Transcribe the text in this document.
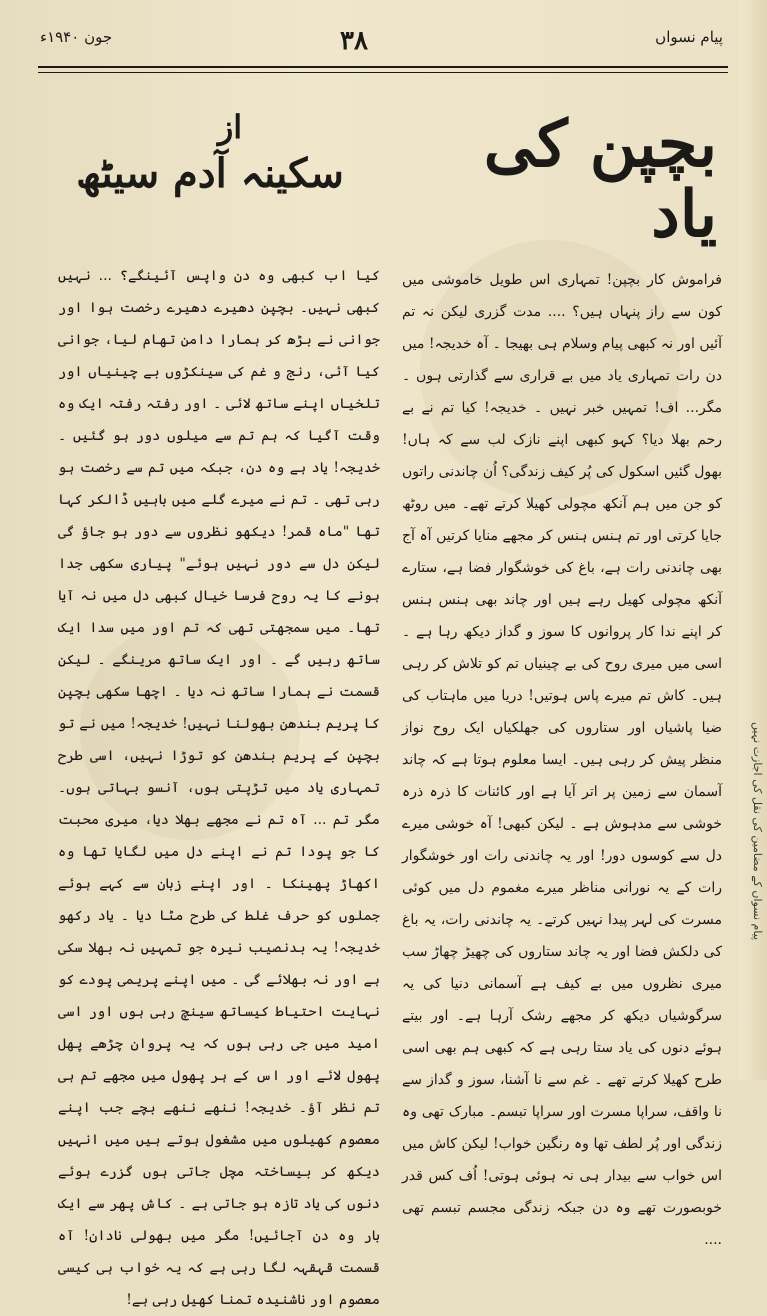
پیام نسواں کے مضامین کی نقل کی اجازت نہیں
پیام نسواں
۳۸
جون ۱۹۴۰ء
بچپن کی یاد
از
سکینہ آدم سیٹھ

فراموش کار بچپن! تمہاری اس طویل خاموشی میں کون سے راز پنہاں ہیں؟ .... مدت گزری لیکن نہ تم آئیں اور نہ کبھی پیام وسلام ہی بھیجا ۔ آہ خدیجہ! میں دن رات تمہاری یاد میں بے قراری سے گذارتی ہوں ۔ مگر... اف! تمہیں خبر نہیں ۔ خدیجہ! کیا تم نے بے رحم بھلا دیا؟ کہو کبھی اپنے نازک لب سے کہ ہاں! بھول گئیں اسکول کی پُر کیف زندگی؟ اُن چاندنی راتوں کو جن میں ہم آنکھ مچولی کھیلا کرتے تھے۔ میں روٹھ جایا کرتی اور تم ہنس ہنس کر مجھے منایا کرتیں آہ آج بھی چاندنی رات ہے، باغ کی خوشگوار فضا ہے، ستارے آنکھ مچولی کھیل رہے ہیں اور چاند بھی ہنس ہنس کر اپنے ندا کار پروانوں کا سوز و گداز دیکھ رہا ہے ۔ اسی میں میری روح کی بے چینیاں تم کو تلاش کر رہی ہیں۔ کاش تم میرے پاس ہوتیں! دریا میں ماہتاب کی ضیا پاشیاں اور ستاروں کی جھلکیاں ایک روح نواز منظر پیش کر رہی ہیں۔ ایسا معلوم ہوتا ہے کہ چاند آسمان سے زمین پر اتر آیا ہے اور کائنات کا ذرہ ذرہ خوشی سے مدہوش ہے ۔ لیکن کبھی! آہ خوشی میرے دل سے کوسوں دور! اور یہ چاندنی رات اور خوشگوار رات کے یہ نورانی مناظر میرے مغموم دل میں کوئی مسرت کی لہر پیدا نہیں کرتے۔ یہ چاندنی رات، یہ باغ کی دلکش فضا اور یہ چاند ستاروں کی چھیڑ چھاڑ سب میری نظروں میں بے کیف ہے آسمانی دنیا کی یہ سرگوشیاں دیکھ کر مجھے رشک آرہا ہے۔ اور بیتے ہوئے دنوں کی یاد ستا رہی ہے کہ کبھی ہم بھی اسی طرح کھیلا کرتے تھے ۔ غم سے نا آشنا، سوز و گداز سے نا واقف، سراپا مسرت اور سراپا تبسم۔ مبارک تھی وہ زندگی اور پُر لطف تھا وہ رنگین خواب! لیکن کاش میں اس خواب سے بیدار ہی نہ ہوئی ہوتی! اُف کس قدر خوبصورت تھے وہ دن جبکہ زندگی مجسم تبسم تھی ....

کیا اب کبھی وہ دن واپس آئینگے؟ ... نہیں کبھی نہیں۔ بچپن دھیرے دھیرے رخصت ہوا اور جوانی نے بڑھ کر ہمارا دامن تھام لیا، جوانی کیا آئی، رنج و غم کی سینکڑوں بے چینیاں اور تلخیاں اپنے ساتھ لائی ۔ اور رفتہ رفتہ ایک وہ وقت آگیا کہ ہم تم سے میلوں دور ہو گئیں ۔ خدیجہ! یاد ہے وہ دن، جبکہ میں تم سے رخصت ہو رہی تھی ۔ تم نے میرے گلے میں باہیں ڈالکر کہا تھا "ماہ قمر! دیکھو نظروں سے دور ہو جاؤ گی لیکن دل سے دور نہیں ہوئے" پیاری سکھی جدا ہونے کا یہ روح فرسا خیال کبھی دل میں نہ آیا تھا۔ میں سمجھتی تھی کہ تم اور میں سدا ایک ساتھ رہیں گے ۔ اور ایک ساتھ مرینگے ۔ لیکن قسمت نے ہمارا ساتھ نہ دیا ۔ اچھا سکھی بچپن کا پریم بندھن بھولنا نہیں! خدیجہ! میں نے تو بچپن کے پریم بندھن کو توڑا نہیں، اسی طرح تمہاری یاد میں تڑپتی ہوں، آنسو بہاتی ہوں۔ مگر تم ... آہ تم نے مجھے بھلا دیا، میری محبت کا جو پودا تم نے اپنے دل میں لگایا تھا وہ اکھاڑ پھینکا ۔ اور اپنے زبان سے کہے ہوئے جملوں کو حرف غلط کی طرح مٹا دیا ۔ یاد رکھو خدیجہ! یہ بدنصیب نیرہ جو تمہیں نہ بھلا سکی ہے اور نہ بھلائے گی ۔ میں اپنے پریمی پودے کو نہایت احتیاط کیساتھ سینچ رہی ہوں اور اسی امید میں جی رہی ہوں کہ یہ پروان چڑھے پھل پھول لائے اور اس کے ہر پھول میں مجھے تم ہی تم نظر آؤ۔ خدیجہ! ننھے ننھے بچے جب اپنے معصوم کھیلوں میں مشغول ہوتے ہیں میں انہیں دیکھ کر بیساختہ مچل جاتی ہوں گزرے ہوئے دنوں کی یاد تازہ ہو جاتی ہے ۔ کاش پھر سے ایک بار وہ دن آجائیں! مگر میں بھولی نادان! آہ قسمت قہقہہ لگا رہی ہے کہ یہ خواب ہی کیسی معصوم اور ناشنیدہ تمنا کھیل رہی ہے!
